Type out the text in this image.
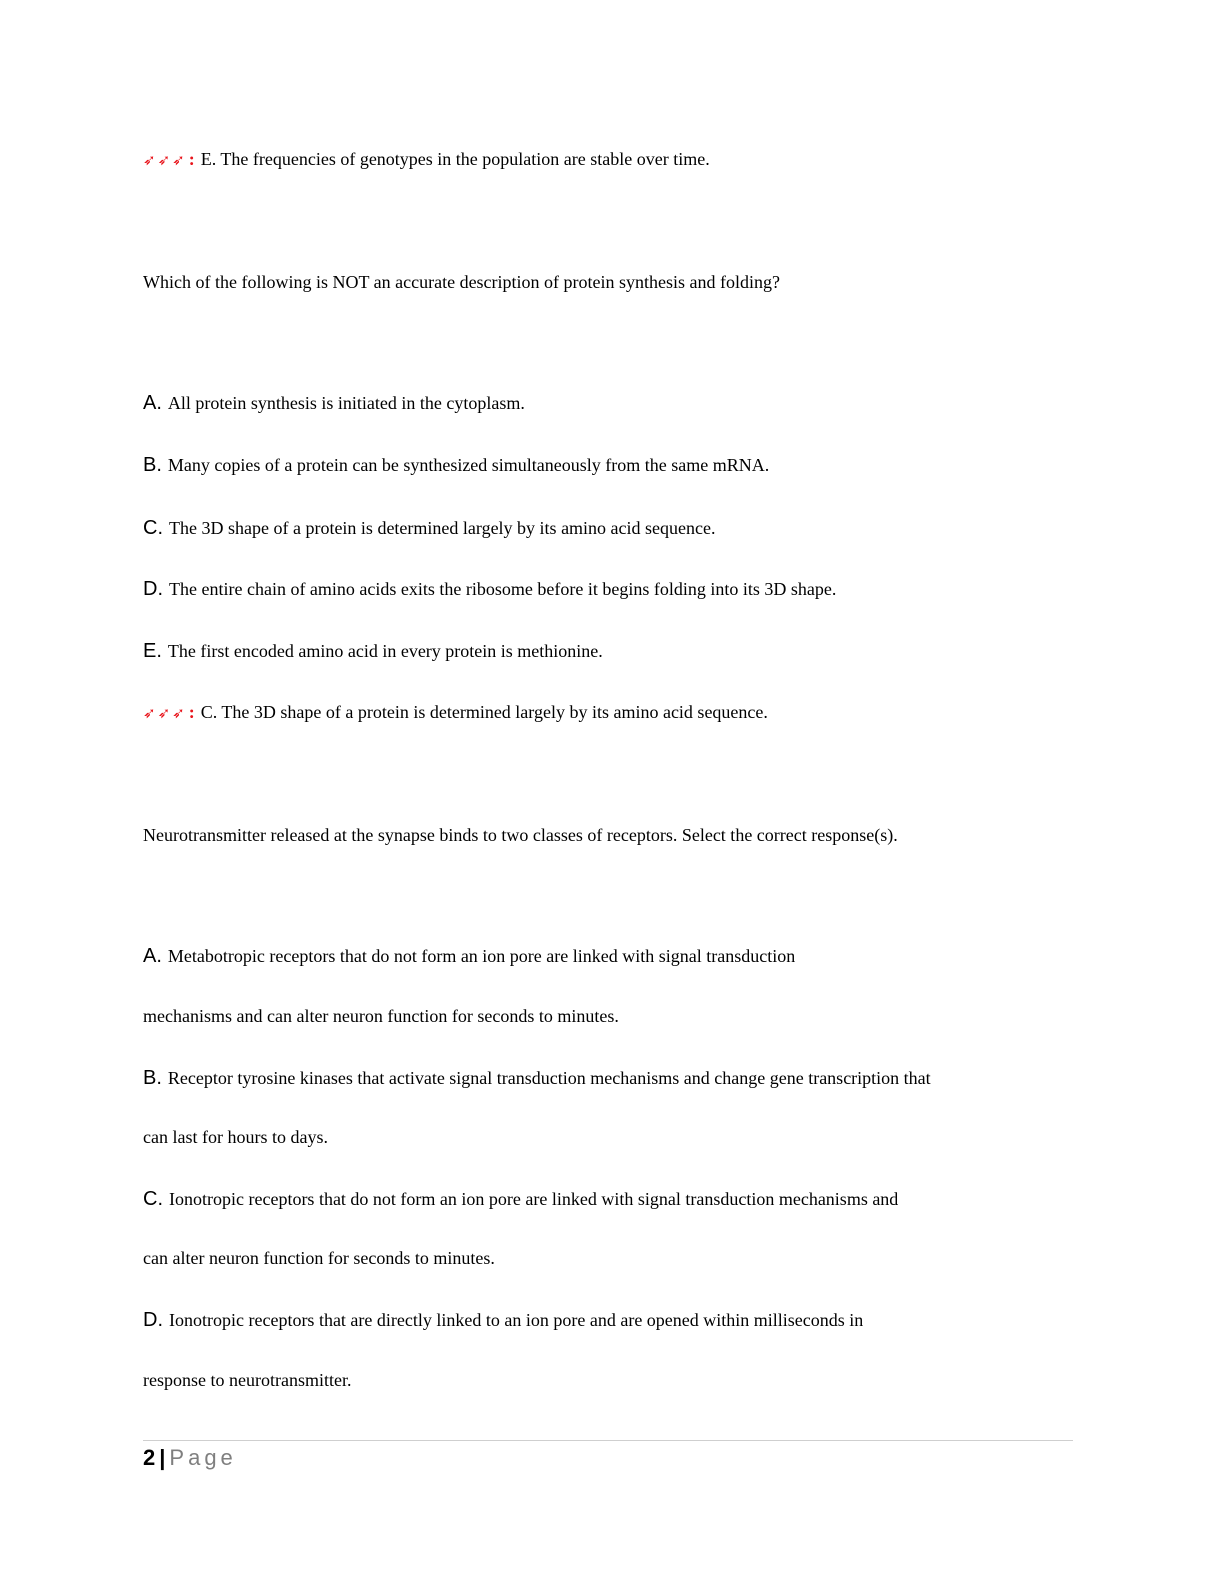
➶➶➶ : E. The frequencies of genotypes in the population are stable over time.
Which of the following is NOT an accurate description of protein synthesis and folding?
A. All protein synthesis is initiated in the cytoplasm.
B. Many copies of a protein can be synthesized simultaneously from the same mRNA.
C. The 3D shape of a protein is determined largely by its amino acid sequence.
D. The entire chain of amino acids exits the ribosome before it begins folding into its 3D shape.
E. The first encoded amino acid in every protein is methionine.
➶➶➶ : C. The 3D shape of a protein is determined largely by its amino acid sequence.
Neurotransmitter released at the synapse binds to two classes of receptors. Select the correct response(s).
A. Metabotropic receptors that do not form an ion pore are linked with signal transduction
mechanisms and can alter neuron function for seconds to minutes.
B. Receptor tyrosine kinases that activate signal transduction mechanisms and change gene transcription that
can last for hours to days.
C. Ionotropic receptors that do not form an ion pore are linked with signal transduction mechanisms and
can alter neuron function for seconds to minutes.
D. Ionotropic receptors that are directly linked to an ion pore and are opened within milliseconds in
response to neurotransmitter.
2 | Page
